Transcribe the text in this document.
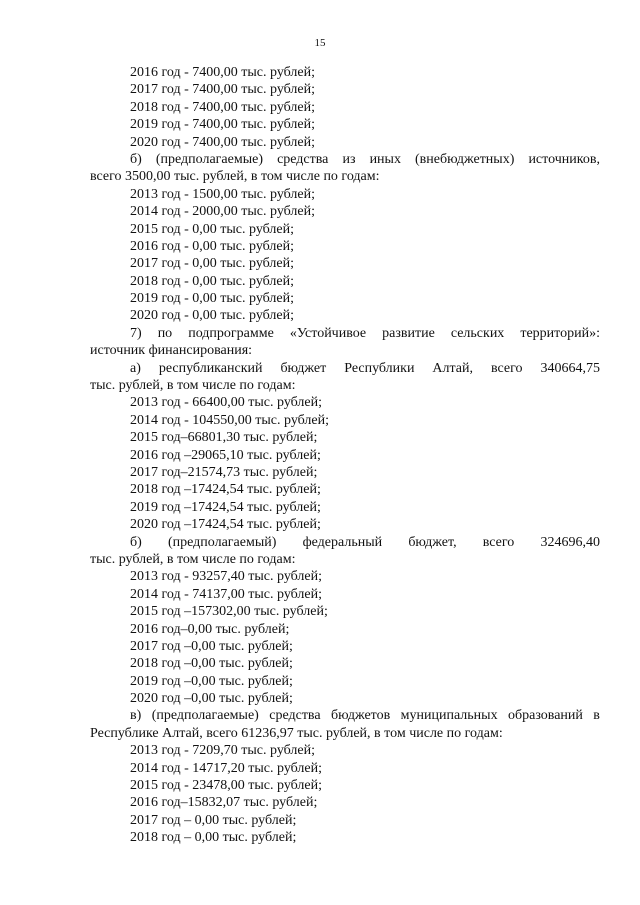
15
2016 год - 7400,00 тыс. рублей;
2017 год - 7400,00 тыс. рублей;
2018 год - 7400,00 тыс. рублей;
2019 год - 7400,00 тыс. рублей;
2020 год - 7400,00 тыс. рублей;
б) (предполагаемые) средства из иных (внебюджетных) источников,
всего 3500,00 тыс. рублей, в том числе по годам:
2013 год - 1500,00 тыс. рублей;
2014 год - 2000,00 тыс. рублей;
2015 год - 0,00 тыс. рублей;
2016 год - 0,00 тыс. рублей;
2017 год - 0,00 тыс. рублей;
2018 год - 0,00 тыс. рублей;
2019 год - 0,00 тыс. рублей;
2020 год - 0,00 тыс. рублей;
7) по подпрограмме «Устойчивое развитие сельских территорий»:
источник финансирования:
а) республиканский бюджет Республики Алтай, всего 340664,75
тыс. рублей, в том числе по годам:
2013 год - 66400,00 тыс. рублей;
2014 год - 104550,00 тыс. рублей;
2015 год–66801,30 тыс. рублей;
2016 год –29065,10 тыс. рублей;
2017 год–21574,73 тыс. рублей;
2018 год –17424,54 тыс. рублей;
2019 год –17424,54 тыс. рублей;
2020 год –17424,54 тыс. рублей;
б) (предполагаемый) федеральный бюджет, всего 324696,40
тыс. рублей, в том числе по годам:
2013 год - 93257,40 тыс. рублей;
2014 год - 74137,00 тыс. рублей;
2015 год –157302,00 тыс. рублей;
2016 год–0,00 тыс. рублей;
2017 год –0,00 тыс. рублей;
2018 год –0,00 тыс. рублей;
2019 год –0,00 тыс. рублей;
2020 год –0,00 тыс. рублей;
в) (предполагаемые) средства бюджетов муниципальных образований в
Республике Алтай, всего 61236,97 тыс. рублей, в том числе по годам:
2013 год - 7209,70 тыс. рублей;
2014 год - 14717,20 тыс. рублей;
2015 год - 23478,00 тыс. рублей;
2016 год–15832,07 тыс. рублей;
2017 год – 0,00 тыс. рублей;
2018 год – 0,00 тыс. рублей;
